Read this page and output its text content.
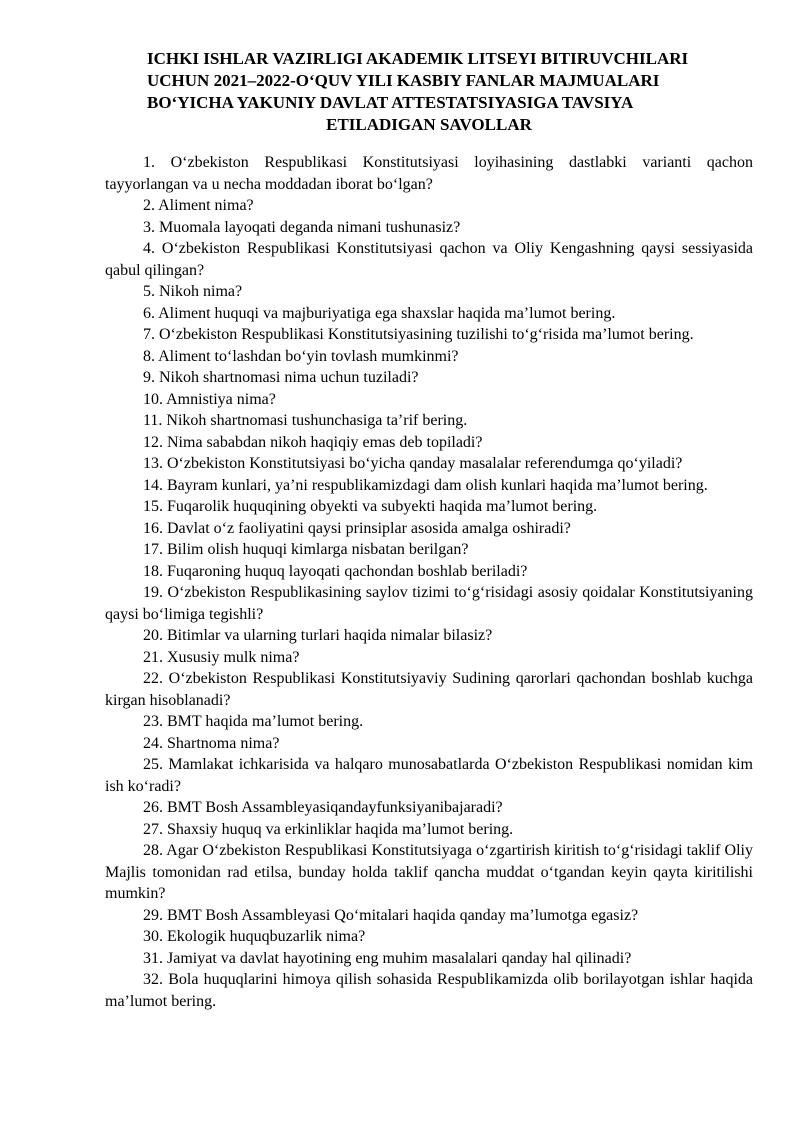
ICHKI ISHLAR VAZIRLIGI AKADEMIK LITSEYI BITIRUVCHILARI
UCHUN 2021–2022-O‘QUV YILI KASBIY FANLAR MAJMUALARI
BO‘YICHA YAKUNIY DAVLAT ATTESTATSIYASIGA TAVSIYA
ETILADIGAN SAVOLLAR

1. O‘zbekiston Respublikasi Konstitutsiyasi loyihasining dastlabki varianti qachon tayyorlangan va u necha moddadan iborat bo‘lgan?

2. Aliment nima?

3. Muomala layoqati deganda nimani tushunasiz?

4. O‘zbekiston Respublikasi Konstitutsiyasi qachon va Oliy Kengashning qaysi sessiyasida qabul qilingan?

5. Nikoh nima?

6. Aliment huquqi va majburiyatiga ega shaxslar haqida ma’lumot bering.

7. O‘zbekiston Respublikasi Konstitutsiyasining tuzilishi to‘g‘risida ma’lumot bering.

8. Aliment to‘lashdan bo‘yin tovlash mumkinmi?

9. Nikoh shartnomasi nima uchun tuziladi?

10. Amnistiya nima?

11. Nikoh shartnomasi tushunchasiga ta’rif bering.

12. Nima sababdan nikoh haqiqiy emas deb topiladi?

13. O‘zbekiston Konstitutsiyasi bo‘yicha qanday masalalar referendumga qo‘yiladi?

14. Bayram kunlari, ya’ni respublikamizdagi dam olish kunlari haqida ma’lumot bering.

15. Fuqarolik huquqining obyekti va subyekti haqida ma’lumot bering.

16. Davlat o‘z faoliyatini qaysi prinsiplar asosida amalga oshiradi?

17. Bilim olish huquqi kimlarga nisbatan berilgan?

18. Fuqaroning huquq layoqati qachondan boshlab beriladi?

19. O‘zbekiston Respublikasining saylov tizimi to‘g‘risidagi asosiy qoidalar Konstitutsiyaning qaysi bo‘limiga tegishli?

20. Bitimlar va ularning turlari haqida nimalar bilasiz?

21. Xususiy mulk nima?

22. O‘zbekiston Respublikasi Konstitutsiyaviy Sudining qarorlari qachondan boshlab kuchga kirgan hisoblanadi?

23. BMT haqida ma’lumot bering.

24. Shartnoma nima?

25. Mamlakat ichkarisida va halqaro munosabatlarda O‘zbekiston Respublikasi nomidan kim ish ko‘radi?

26. BMT Bosh Assambleyasiqandayfunksiyanibajaradi?

27. Shaxsiy huquq va erkinliklar haqida ma’lumot bering.

28. Agar O‘zbekiston Respublikasi Konstitutsiyaga o‘zgartirish kiritish to‘g‘risidagi taklif Oliy Majlis tomonidan rad etilsa, bunday holda taklif qancha muddat o‘tgandan keyin qayta kiritilishi mumkin?

29. BMT Bosh Assambleyasi Qo‘mitalari haqida qanday ma’lumotga egasiz?

30. Ekologik huquqbuzarlik nima?

31. Jamiyat va davlat hayotining eng muhim masalalari qanday hal qilinadi?

32. Bola huquqlarini himoya qilish sohasida Respublikamizda olib borilayotgan ishlar haqida ma’lumot bering.
